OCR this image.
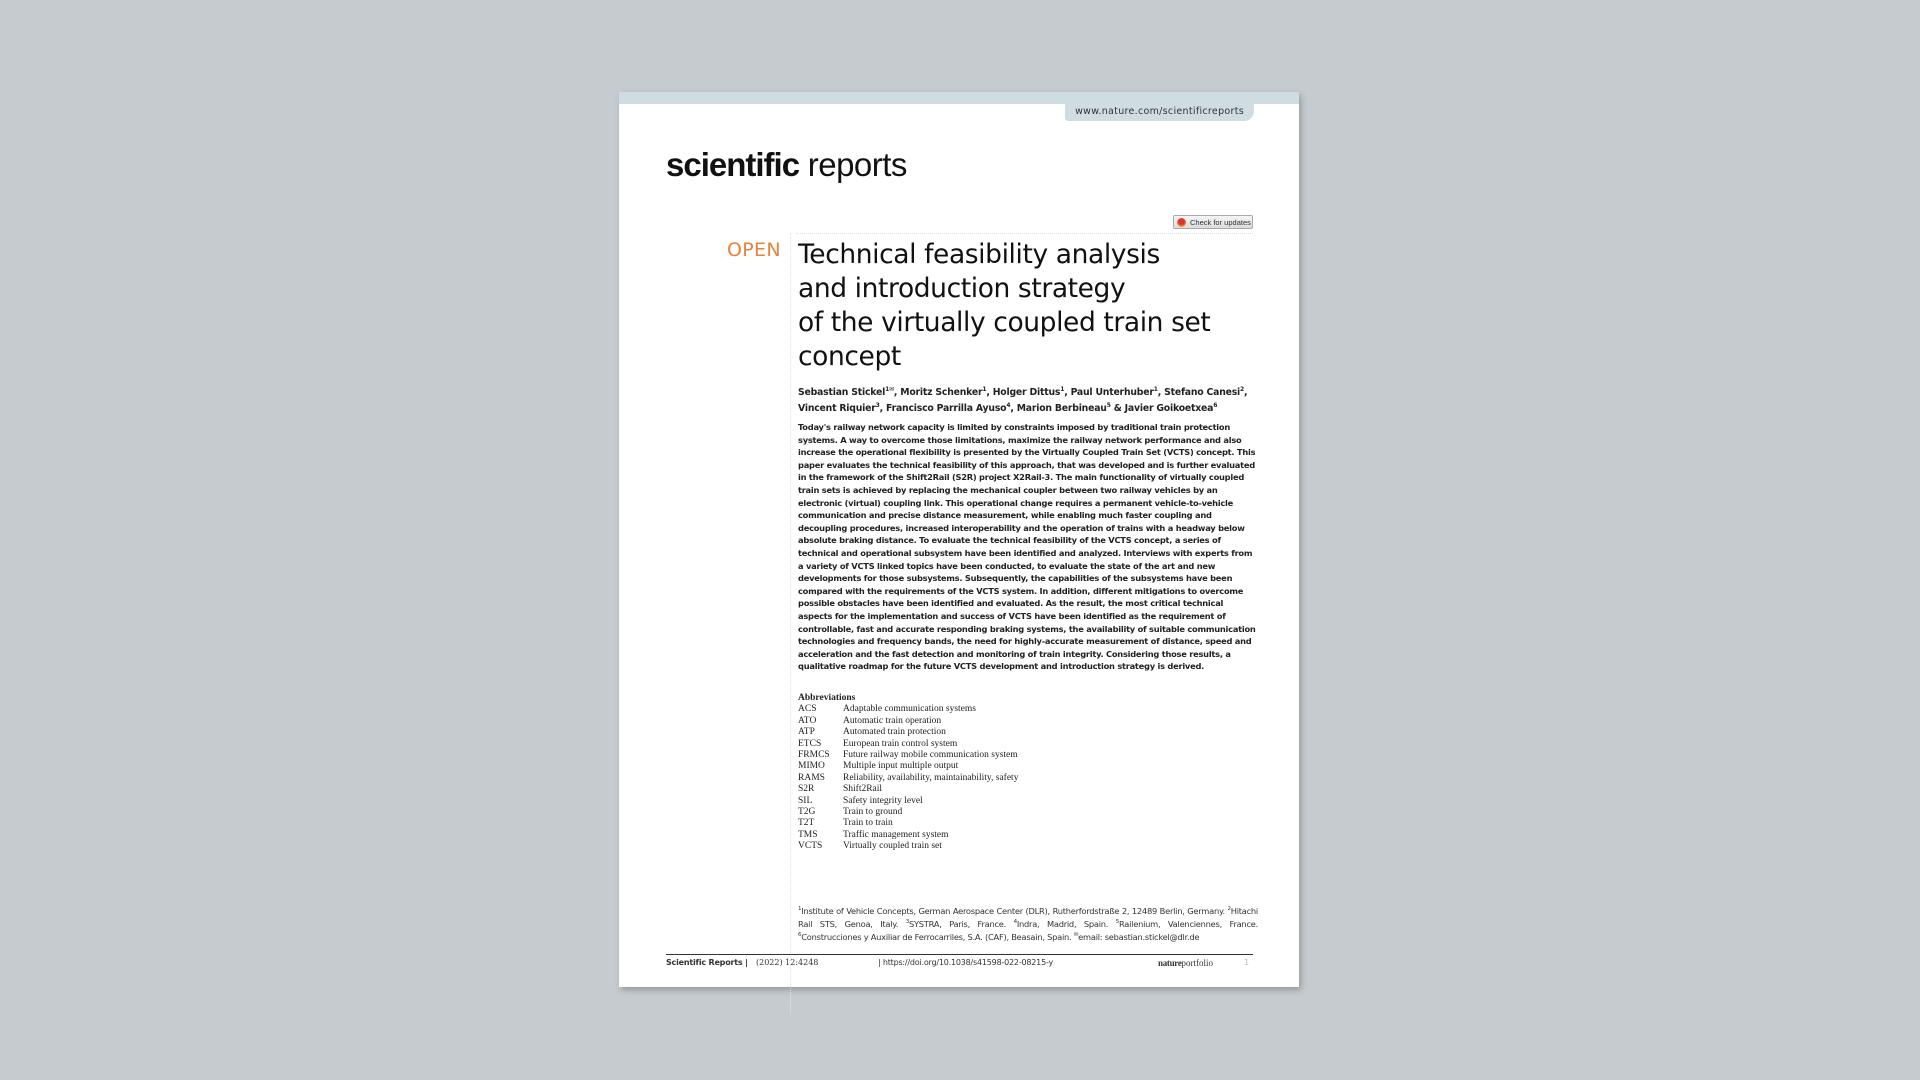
www.nature.com/scientificreports
scientific reports
Check for updates
OPEN Technical feasibility analysis
and introduction strategy
of the virtually coupled train set
concept
Sebastian Stickel$^{1✉}$, Moritz Schenker$^1$, Holger Dittus$^1$, Paul Unterhuber$^1$, Stefano Canesi$^2$,
Vincent Riquier$^3$, Francisco Parrilla Ayuso$^4$, Marion Berbineau$^5$ & Javier Goikoetxea$^6$

Today's railway network capacity is limited by constraints imposed by traditional train protection systems. A way to overcome those limitations, maximize the railway network performance and also increase the operational flexibility is presented by the Virtually Coupled Train Set (VCTS) concept. This paper evaluates the technical feasibility of this approach, that was developed and is further evaluated in the framework of the Shift2Rail (S2R) project X2Rail-3. The main functionality of virtually coupled train sets is achieved by replacing the mechanical coupler between two railway vehicles by an electronic (virtual) coupling link. This operational change requires a permanent vehicle-to-vehicle communication and precise distance measurement, while enabling much faster coupling and decoupling procedures, increased interoperability and the operation of trains with a headway below absolute braking distance. To evaluate the technical feasibility of the VCTS concept, a series of technical and operational subsystem have been identified and analyzed. Interviews with experts from a variety of VCTS linked topics have been conducted, to evaluate the state of the art and new developments for those subsystems. Subsequently, the capabilities of the subsystems have been compared with the requirements of the VCTS system. In addition, different mitigations to overcome possible obstacles have been identified and evaluated. As the result, the most critical technical aspects for the implementation and success of VCTS have been identified as the requirement of controllable, fast and accurate responding braking systems, the availability of suitable communication technologies and frequency bands, the need for highly-accurate measurement of distance, speed and acceleration and the fast detection and monitoring of train integrity. Considering those results, a qualitative roadmap for the future VCTS development and introduction strategy is derived.

Abbreviations
ACS	Adaptable communication systems
ATO	Automatic train operation
ATP	Automated train protection
ETCS	European train control system
FRMCS	Future railway mobile communication system
MIMO	Multiple input multiple output
RAMS	Reliability, availability, maintainability, safety
S2R	Shift2Rail
SIL	Safety integrity level
T2G	Train to ground
T2T	Train to train
TMS	Traffic management system
VCTS	Virtually coupled train set
$^1$Institute of Vehicle Concepts, German Aerospace Center (DLR), Rutherfordstraße 2, 12489 Berlin, Germany. $^2$Hitachi Rail STS, Genoa, Italy. $^3$SYSTRA, Paris, France. $^4$Indra, Madrid, Spain. $^5$Railenium, Valenciennes, France. $^6$Construcciones y Auxiliar de Ferrocarriles, S.A. (CAF), Beasain, Spain. ✉email: sebastian.stickel@dlr.de
Scientific Reports | (2022) 12:4248	| https://doi.org/10.1038/s41598-022-08215-y	natureportfolio	1
